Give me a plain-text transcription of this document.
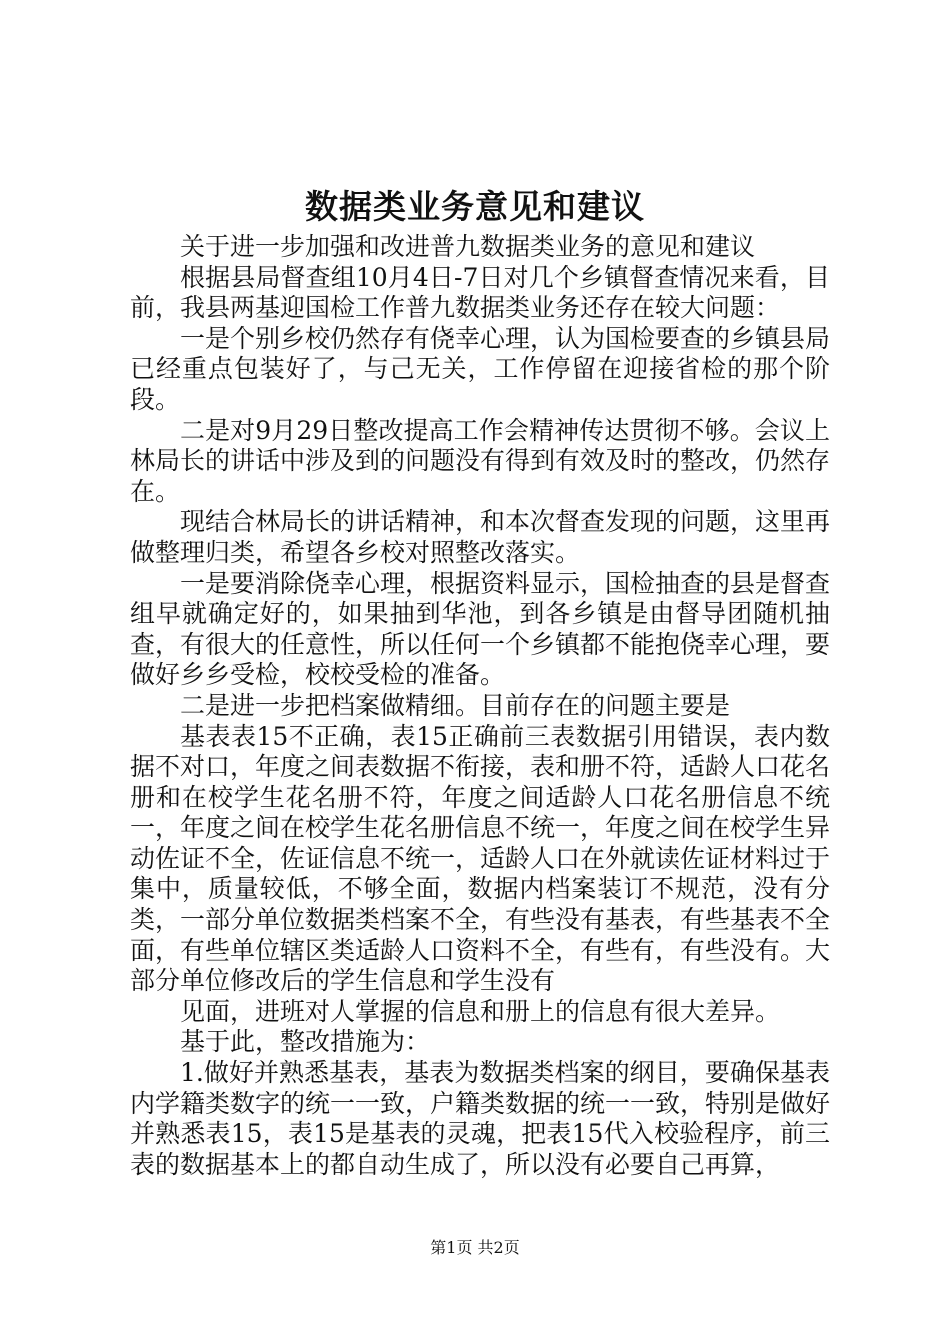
数据类业务意见和建议

关于进一步加强和改进普九数据类业务的意见和建议

根据县局督查组10月4日-7日对几个乡镇督查情况来看，目前，我县两基迎国检工作普九数据类业务还存在较大问题：

一是个别乡校仍然存有侥幸心理，认为国检要查的乡镇县局已经重点包装好了，与己无关，工作停留在迎接省检的那个阶段。

二是对9月29日整改提高工作会精神传达贯彻不够。会议上林局长的讲话中涉及到的问题没有得到有效及时的整改，仍然存在。

现结合林局长的讲话精神，和本次督查发现的问题，这里再做整理归类，希望各乡校对照整改落实。

一是要消除侥幸心理，根据资料显示，国检抽查的县是督查组早就确定好的，如果抽到华池，到各乡镇是由督导团随机抽查，有很大的任意性，所以任何一个乡镇都不能抱侥幸心理，要做好乡乡受检，校校受检的准备。

二是进一步把档案做精细。目前存在的问题主要是

基表表15不正确，表15正确前三表数据引用错误，表内数据不对口，年度之间表数据不衔接，表和册不符，适龄人口花名册和在校学生花名册不符，年度之间适龄人口花名册信息不统一，年度之间在校学生花名册信息不统一，年度之间在校学生异动佐证不全，佐证信息不统一，适龄人口在外就读佐证材料过于集中，质量较低，不够全面，数据内档案装订不规范，没有分类，一部分单位数据类档案不全，有些没有基表，有些基表不全面，有些单位辖区类适龄人口资料不全，有些有，有些没有。大部分单位修改后的学生信息和学生没有

见面，进班对人掌握的信息和册上的信息有很大差异。

基于此，整改措施为：

1.做好并熟悉基表，基表为数据类档案的纲目，要确保基表内学籍类数字的统一一致，户籍类数据的统一一致，特别是做好并熟悉表15，表15是基表的灵魂，把表15代入校验程序，前三表的数据基本上的都自动生成了，所以没有必要自己再算，

第1页 共2页
